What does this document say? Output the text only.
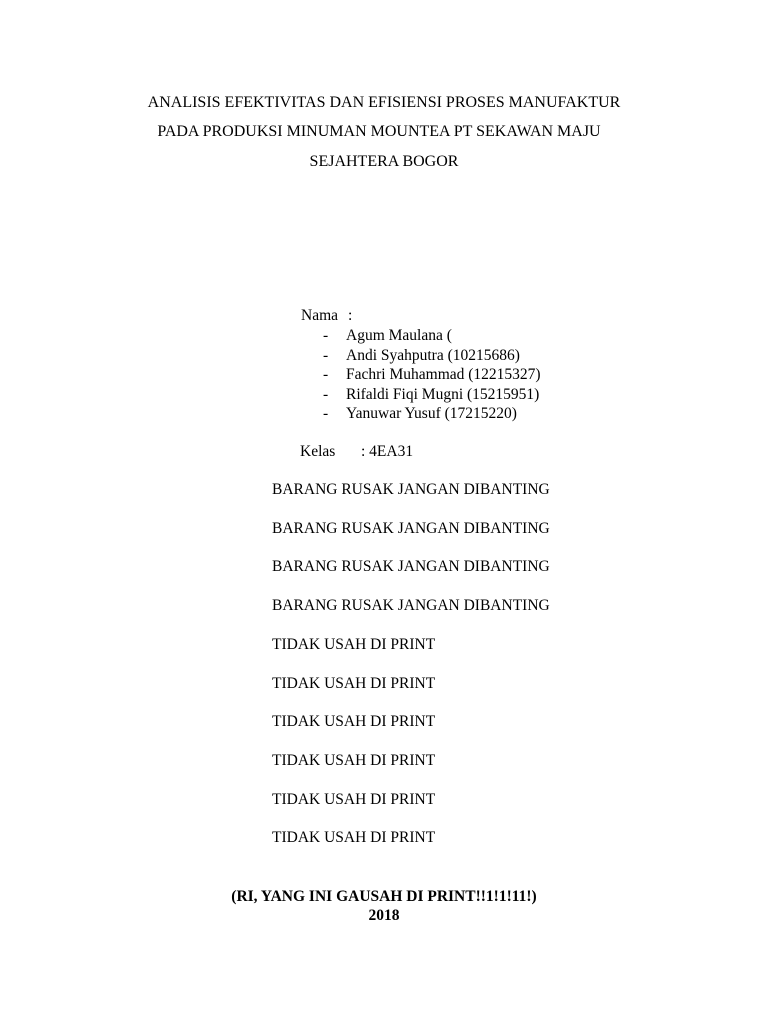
ANALISIS EFEKTIVITAS DAN EFISIENSI PROSES MANUFAKTUR
PADA PRODUKSI MINUMAN MOUNTEA PT SEKAWAN MAJU
SEJAHTERA BOGOR
Nama :
- Agum Maulana (
- Andi Syahputra (10215686)
- Fachri Muhammad (12215327)
- Rifaldi Fiqi Mugni (15215951)
- Yanuwar Yusuf (17215220)
Kelas : 4EA31
BARANG RUSAK JANGAN DIBANTING
BARANG RUSAK JANGAN DIBANTING
BARANG RUSAK JANGAN DIBANTING
BARANG RUSAK JANGAN DIBANTING
TIDAK USAH DI PRINT
TIDAK USAH DI PRINT
TIDAK USAH DI PRINT
TIDAK USAH DI PRINT
TIDAK USAH DI PRINT
TIDAK USAH DI PRINT
(RI, YANG INI GAUSAH DI PRINT!!1!1!11!)
2018
